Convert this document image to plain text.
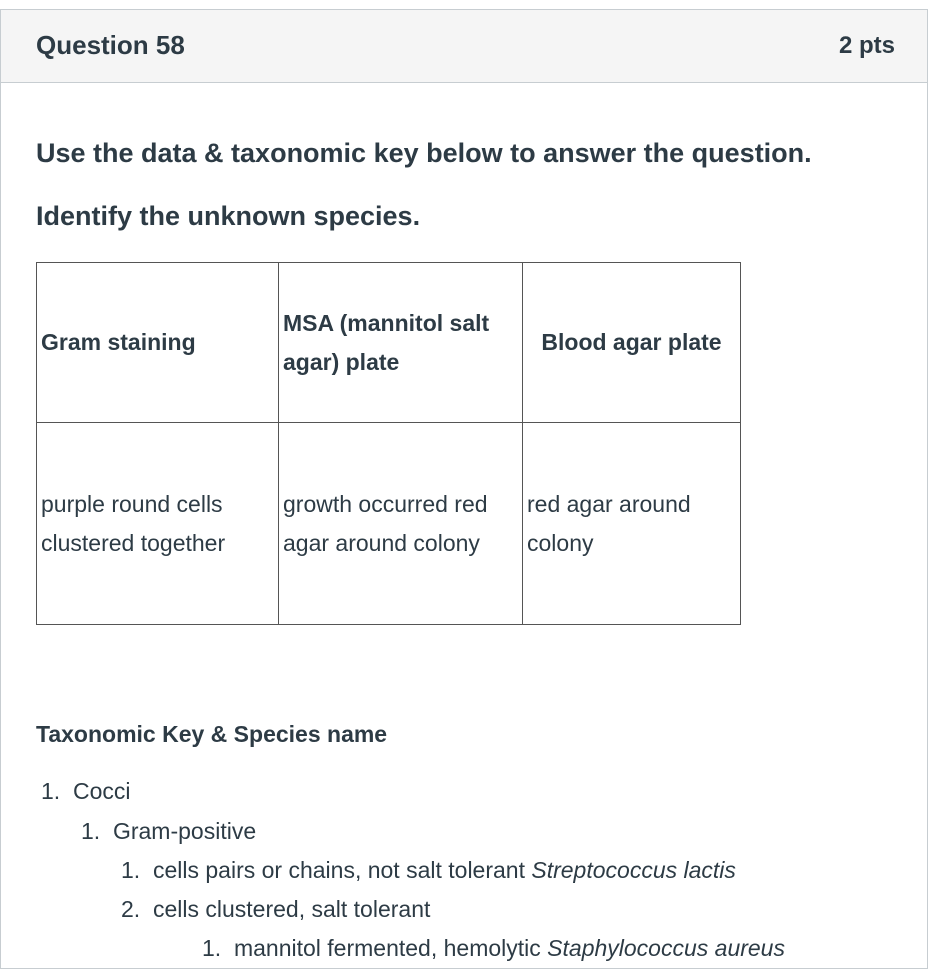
Question 58	2 pts
Use the data & taxonomic key below to answer the question.
Identify the unknown species.
Gram staining	MSA (mannitol salt agar) plate	Blood agar plate
purple round cells clustered together	growth occurred red agar around colony	red agar around colony
Taxonomic Key & Species name
1. Cocci
1. Gram-positive
1. cells pairs or chains, not salt tolerant Streptococcus lactis
2. cells clustered, salt tolerant
1. mannitol fermented, hemolytic Staphylococcus aureus
